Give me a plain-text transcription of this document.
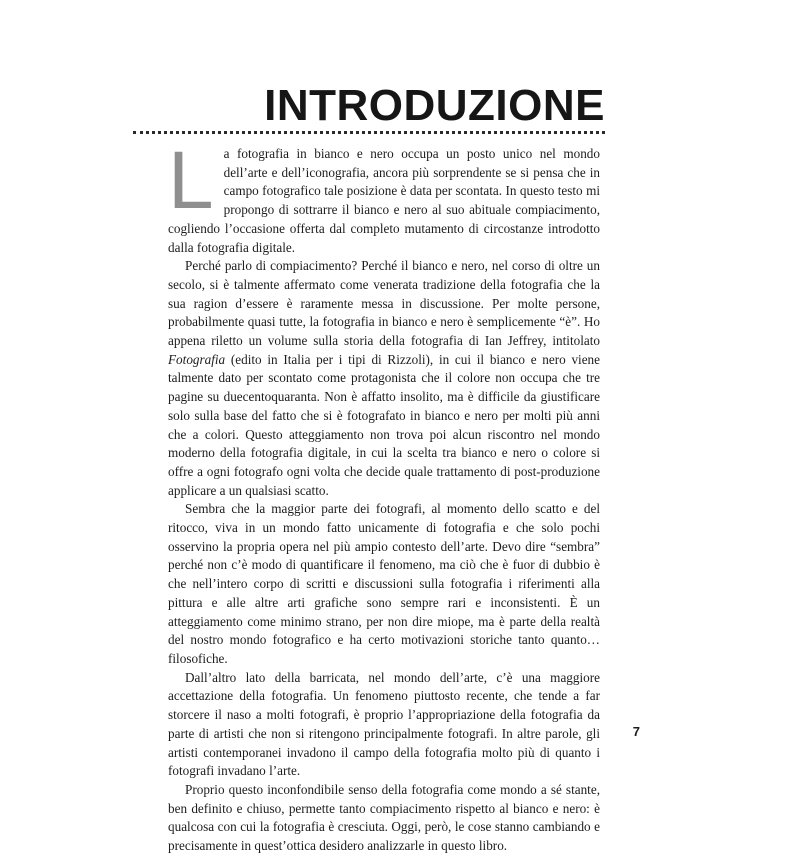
INTRODUZIONE

La fotografia in bianco e nero occupa un posto unico nel mondo dell’arte e dell’iconografia, ancora più sorprendente se si pensa che in campo fotografico tale posizione è data per scontata. In questo testo mi propongo di sottrarre il bianco e nero al suo abituale compiacimento, cogliendo l’occasione offerta dal completo mutamento di circostanze introdotto dalla fotografia digitale.

Perché parlo di compiacimento? Perché il bianco e nero, nel corso di oltre un secolo, si è talmente affermato come venerata tradizione della fotografia che la sua ragion d’essere è raramente messa in discussione. Per molte persone, probabilmente quasi tutte, la fotografia in bianco e nero è semplicemente “è”. Ho appena riletto un volume sulla storia della fotografia di Ian Jeffrey, intitolato Fotografia (edito in Italia per i tipi di Rizzoli), in cui il bianco e nero viene talmente dato per scontato come protagonista che il colore non occupa che tre pagine su duecentoquaranta. Non è affatto insolito, ma è difficile da giustificare solo sulla base del fatto che si è fotografato in bianco e nero per molti più anni che a colori. Questo atteggiamento non trova poi alcun riscontro nel mondo moderno della fotografia digitale, in cui la scelta tra bianco e nero o colore si offre a ogni fotografo ogni volta che decide quale trattamento di post-produzione applicare a un qualsiasi scatto.

Sembra che la maggior parte dei fotografi, al momento dello scatto e del ritocco, viva in un mondo fatto unicamente di fotografia e che solo pochi osservino la propria opera nel più ampio contesto dell’arte. Devo dire “sembra” perché non c’è modo di quantificare il fenomeno, ma ciò che è fuor di dubbio è che nell’intero corpo di scritti e discussioni sulla fotografia i riferimenti alla pittura e alle altre arti grafiche sono sempre rari e inconsistenti. È un atteggiamento come minimo strano, per non dire miope, ma è parte della realtà del nostro mondo fotografico e ha certo motivazioni storiche tanto quanto… filosofiche.

Dall’altro lato della barricata, nel mondo dell’arte, c’è una maggiore accettazione della fotografia. Un fenomeno piuttosto recente, che tende a far storcere il naso a molti fotografi, è proprio l’appropriazione della fotografia da parte di artisti che non si ritengono principalmente fotografi. In altre parole, gli artisti contemporanei invadono il campo della fotografia molto più di quanto i fotografi invadano l’arte.

Proprio questo inconfondibile senso della fotografia come mondo a sé stante, ben definito e chiuso, permette tanto compiacimento rispetto al bianco e nero: è qualcosa con cui la fotografia è cresciuta. Oggi, però, le cose stanno cambiando e precisamente in quest’ottica desidero analizzarle in questo libro.

7
